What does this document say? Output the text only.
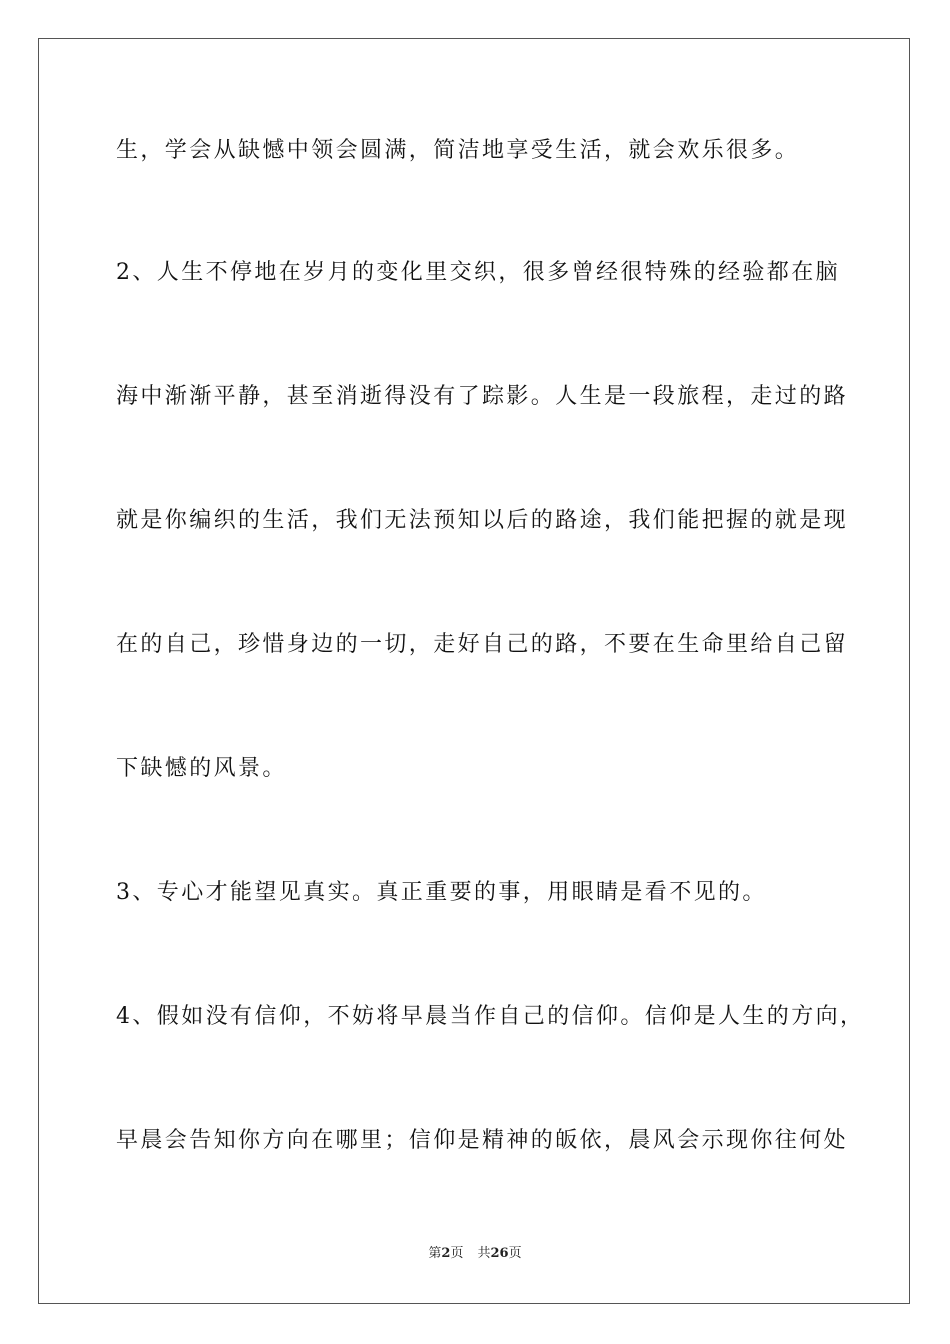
生，学会从缺憾中领会圆满，简洁地享受生活，就会欢乐很多。
2、人生不停地在岁月的变化里交织，很多曾经很特殊的经验都在脑
海中渐渐平静，甚至消逝得没有了踪影。人生是一段旅程，走过的路
就是你编织的生活，我们无法预知以后的路途，我们能把握的就是现
在的自己，珍惜身边的一切，走好自己的路，不要在生命里给自己留
下缺憾的风景。
3、专心才能望见真实。真正重要的事，用眼睛是看不见的。
4、假如没有信仰，不妨将早晨当作自己的信仰。信仰是人生的方向，
早晨会告知你方向在哪里；信仰是精神的皈依，晨风会示现你往何处
第2页 共26页
